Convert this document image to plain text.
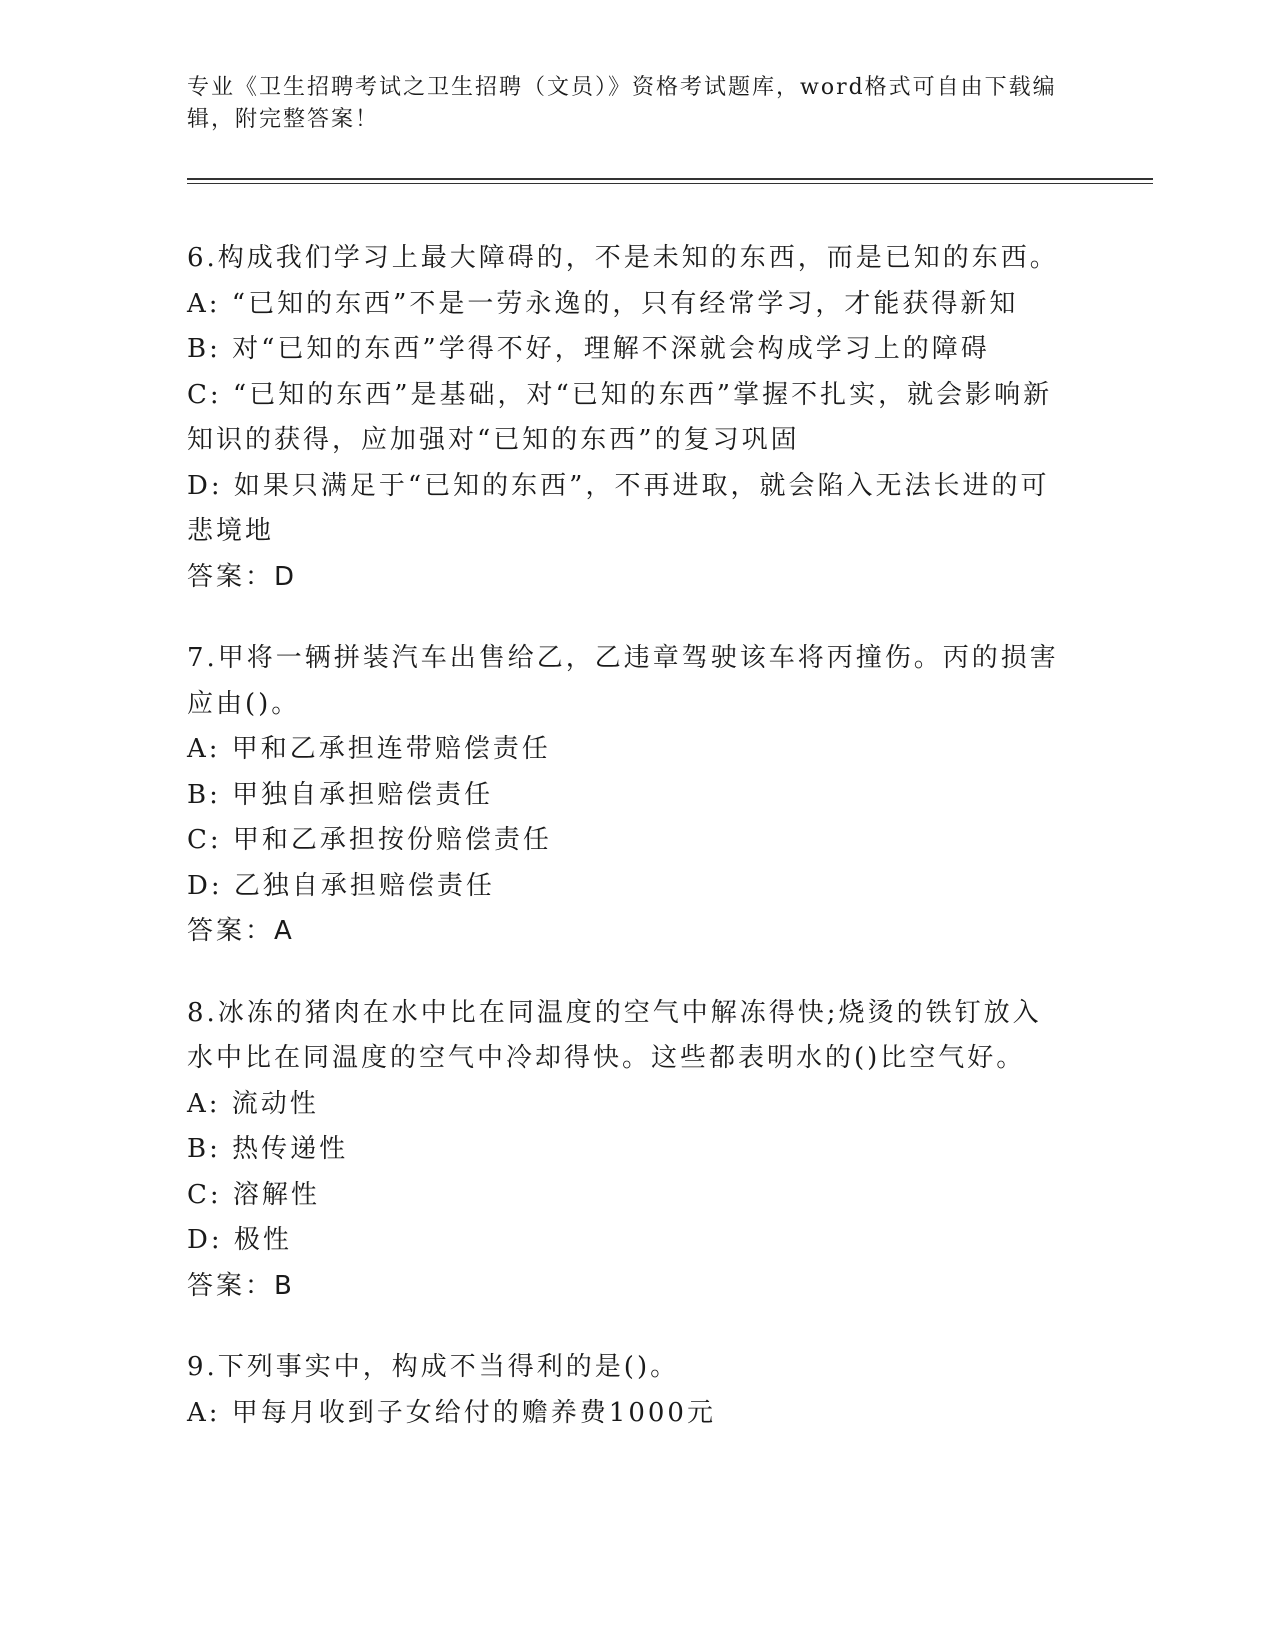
专业《卫生招聘考试之卫生招聘（文员）》资格考试题库，word格式可自由下载编辑，附完整答案！

6.构成我们学习上最大障碍的，不是未知的东西，而是已知的东西。

A: “已知的东西”不是一劳永逸的，只有经常学习，才能获得新知

B: 对“已知的东西”学得不好，理解不深就会构成学习上的障碍

C: “已知的东西”是基础，对“已知的东西”掌握不扎实，就会影响新知识的获得，应加强对“已知的东西”的复习巩固

D: 如果只满足于“已知的东西”，不再进取，就会陷入无法长进的可悲境地

答案：D

7.甲将一辆拼装汽车出售给乙，乙违章驾驶该车将丙撞伤。丙的损害应由()。

A: 甲和乙承担连带赔偿责任

B: 甲独自承担赔偿责任

C: 甲和乙承担按份赔偿责任

D: 乙独自承担赔偿责任

答案：A

8.冰冻的猪肉在水中比在同温度的空气中解冻得快;烧烫的铁钉放入水中比在同温度的空气中冷却得快。这些都表明水的()比空气好。

A: 流动性

B: 热传递性

C: 溶解性

D: 极性

答案：B

9.下列事实中，构成不当得利的是()。

A: 甲每月收到子女给付的赡养费1000元
